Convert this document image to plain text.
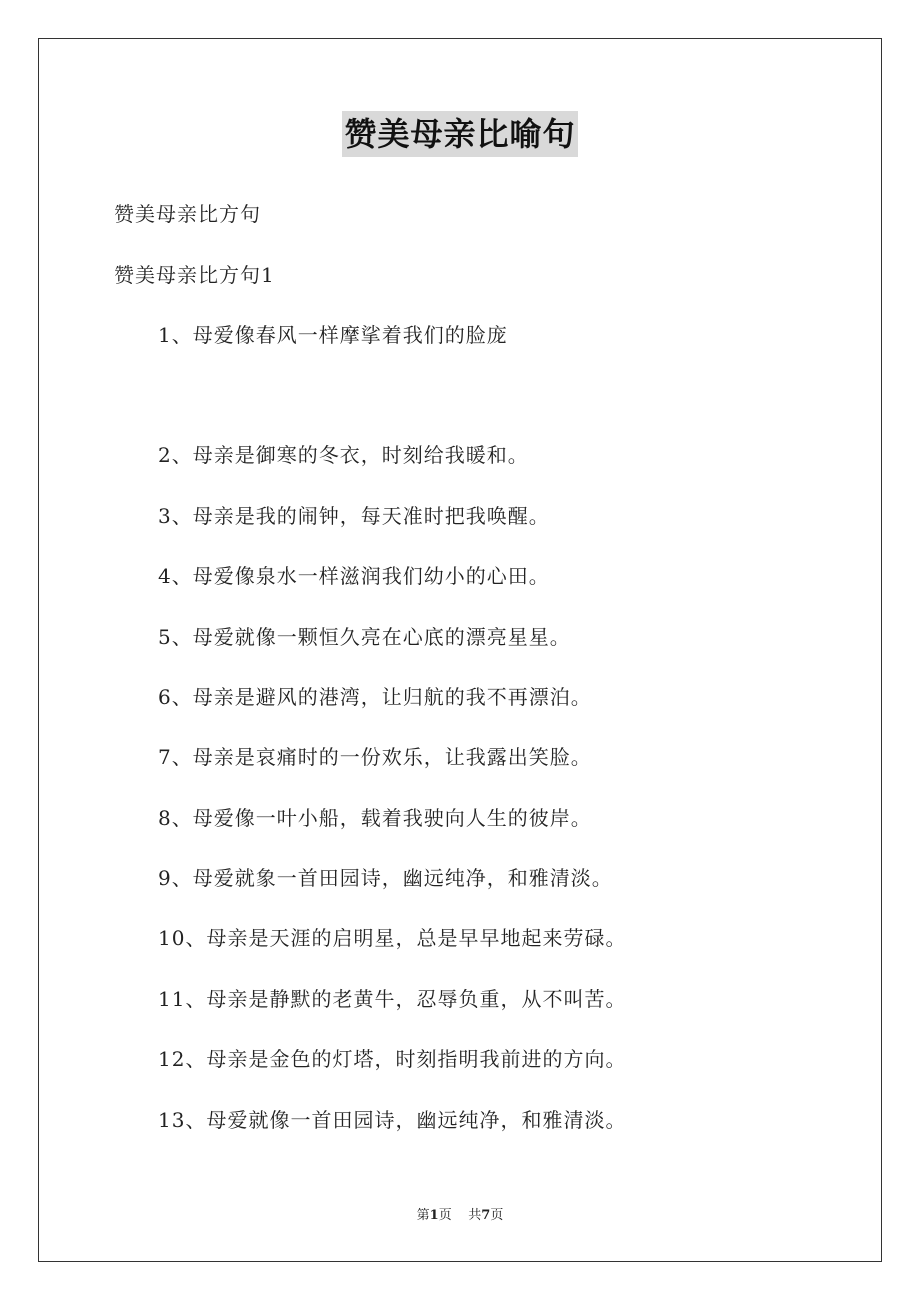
赞美母亲比喻句

赞美母亲比方句

赞美母亲比方句1

1、母爱像春风一样摩挲着我们的脸庞

2、母亲是御寒的冬衣，时刻给我暖和。

3、母亲是我的闹钟，每天准时把我唤醒。

4、母爱像泉水一样滋润我们幼小的心田。

5、母爱就像一颗恒久亮在心底的漂亮星星。

6、母亲是避风的港湾，让归航的我不再漂泊。

7、母亲是哀痛时的一份欢乐，让我露出笑脸。

8、母爱像一叶小船，载着我驶向人生的彼岸。

9、母爱就象一首田园诗，幽远纯净，和雅清淡。

10、母亲是天涯的启明星，总是早早地起来劳碌。

11、母亲是静默的老黄牛，忍辱负重，从不叫苦。

12、母亲是金色的灯塔，时刻指明我前进的方向。

13、母爱就像一首田园诗，幽远纯净，和雅清淡。

第1页 共7页
